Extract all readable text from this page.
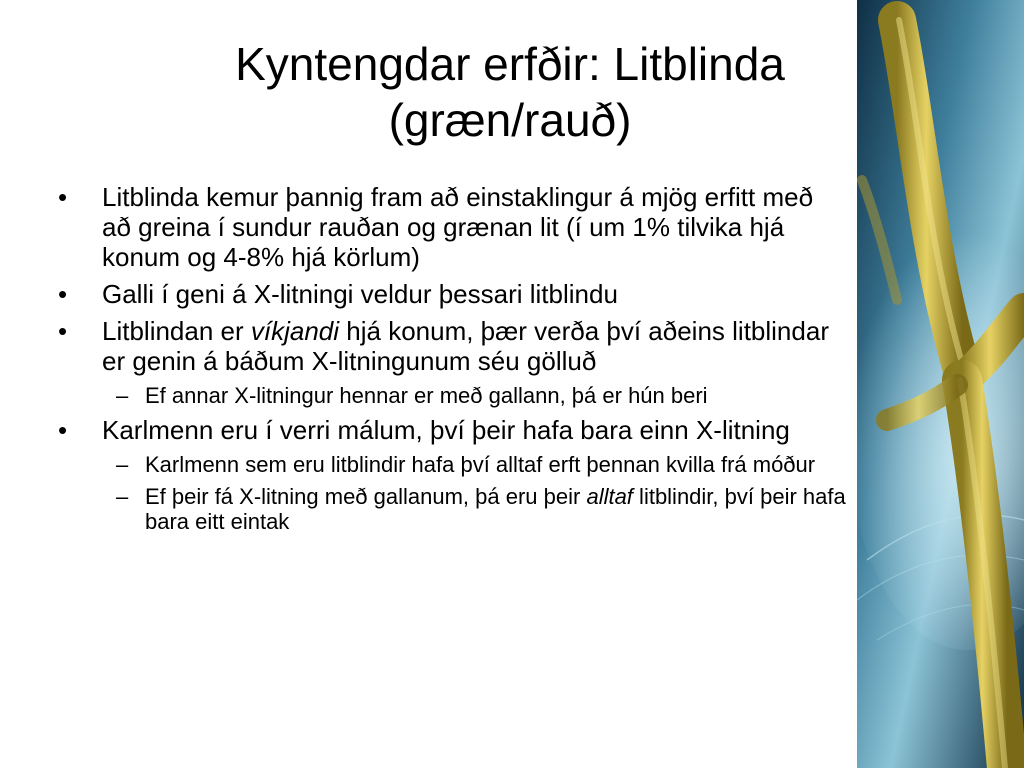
Kyntengdar erfðir: Litblinda
(græn/rauð)
•	Litblinda kemur þannig fram að einstaklingur á mjög erfitt með að greina í sundur rauðan og grænan lit (í um 1% tilvika hjá konum og 4-8% hjá körlum)
•	Galli í geni á X-litningi veldur þessari litblindu
•	Litblindan er víkjandi hjá konum, þær verða því aðeins litblindar er genin á báðum X-litningunum séu gölluð
– Ef annar X-litningur hennar er með gallann, þá er hún beri
•	Karlmenn eru í verri málum, því þeir hafa bara einn X-litning
– Karlmenn sem eru litblindir hafa því alltaf erft þennan kvilla frá móður
– Ef þeir fá X-litning með gallanum, þá eru þeir alltaf litblindir, því þeir hafa bara eitt eintak
